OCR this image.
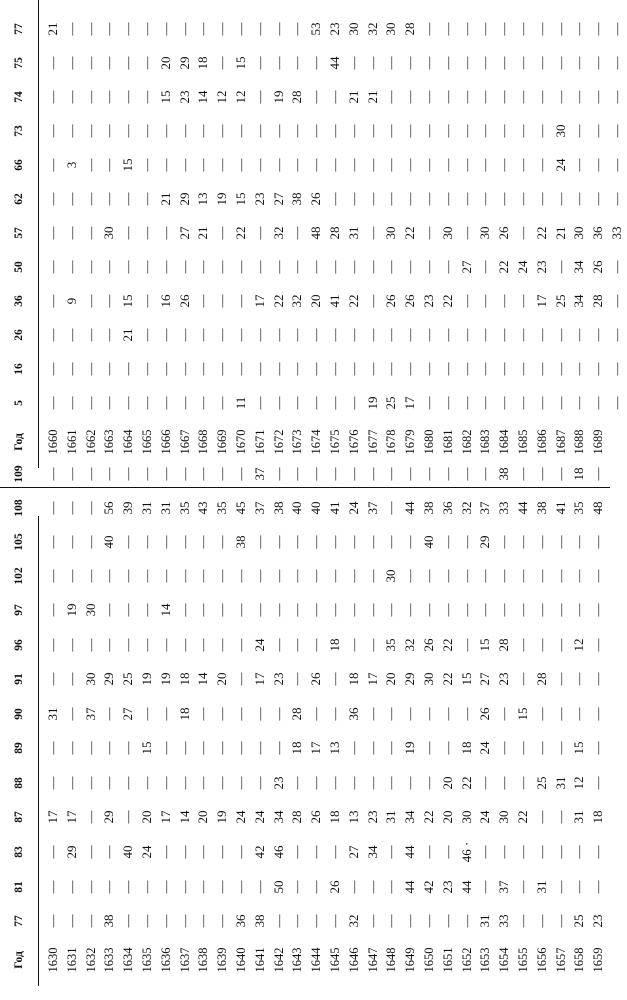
Год
77
81
83
87
88
89
90
91
96
97
102
105
108
109
1630
—
—
—
17
—
—
31
—
—
—
—
—
—
—
1631
—
—
29
17
—
—
—
—
—
19
—
—
—
—
1632
—
—
—
—
—
—
37
30
—
30
—
—
—
—
1633
38
—
—
29
—
—
—
29
—
—
—
40
56
—
1634
—
—
40
—
—
—
27
25
—
—
—
—
39
—
1635
—
—
24
20
—
15
—
19
—
—
—
—
31
—
1636
—
—
—
17
—
—
—
19
—
14
—
—
31
—
1637
—
—
—
14
—
—
18
18
—
—
—
—
35
—
1638
—
—
—
20
—
—
—
14
—
—
—
—
43
—
1639
—
—
—
19
—
—
—
20
—
—
—
—
35
—
1640
36
—
—
24
—
—
—
—
—
—
—
38
45
—
1641
38
—
42
24
—
—
—
17
24
—
—
—
37
37
1642
—
50
46
34
23
—
—
23
—
—
—
—
38
—
1643
—
—
—
28
—
18
28
—
—
—
—
—
40
—
1644
—
—
—
26
—
17
—
26
—
—
—
—
40
—
1645
—
26
—
18
—
13
—
—
18
—
—
—
41
—
1646
32
—
27
13
—
—
36
18
—
—
—
—
24
—
1647
—
—
34
23
—
—
—
17
—
—
—
—
37
—
1648
—
—
—
31
—
—
—
20
35
—
30
—
—
—
1649
—
44
44
34
—
19
—
29
32
—
—
—
44
—
1650
—
42
—
22
—
—
—
30
26
—
—
40
38
—
1651
—
23
—
20
20
—
—
22
22
—
—
—
36
—
1652
—
44
46 ·
30
22
18
—
15
—
—
—
—
32
—
1653
31
—
—
24
—
24
26
27
15
—
—
29
37
—
1654
33
37
—
30
—
—
—
23
28
—
—
—
33
38
1655
—
—
—
22
—
—
15
—
—
—
—
—
44
—
1656
—
31
—
—
25
—
—
28
—
—
—
—
38
—
1657
—
—
—
—
31
—
—
—
—
—
—
—
41
—
1658
25
—
—
31
12
15
—
—
12
—
—
—
35
18
1659
23
—
—
18
—
—
—
—
—
—
—
—
48
—
Год
5
16
26
36
50
57
62
66
73
74
75
77
1660
—
—
—
—
—
—
—
—
—
—
—
21
1661
—
—
—
9
—
—
—
3
—
—
—
—
1662
—
—
—
—
—
—
—
—
—
—
—
—
1663
—
—
—
—
—
30
—
—
—
—
—
—
1664
—
—
21
15
—
—
—
15
—
—
—
—
1665
—
—
—
—
—
—
—
—
—
—
—
—
1666
—
—
—
16
—
—
21
—
—
15
20
—
1667
—
—
—
26
—
27
29
—
—
23
29
—
1668
—
—
—
—
—
21
13
—
—
14
18
—
1669
—
—
—
—
—
—
19
—
—
12
—
—
1670
11
—
—
—
—
22
15
—
—
12
15
—
1671
—
—
—
17
—
—
23
—
—
—
—
—
1672
—
—
—
22
—
32
27
—
—
19
—
—
1673
—
—
—
32
—
—
38
—
—
28
—
—
1674
—
—
—
20
—
48
26
—
—
—
—
53
1675
—
—
—
41
—
28
—
—
—
—
44
23
1676
—
—
—
22
—
31
—
—
—
21
—
30
1677
19
—
—
—
—
—
—
—
—
21
—
32
1678
25
—
—
26
—
30
—
—
—
—
—
30
1679
17
—
—
26
—
22
—
—
—
—
—
28
1680
—
—
—
23
—
—
—
—
—
—
—
—
1681
—
—
—
22
—
30
—
—
—
—
—
—
1682
—
—
—
—
27
—
—
—
—
—
—
—
1683
—
—
—
—
—
30
—
—
—
—
—
—
1684
—
—
—
—
22
26
—
—
—
—
—
—
1685
—
—
—
—
24
—
—
—
—
—
—
—
1686
—
—
—
17
23
22
—
—
—
—
—
—
1687
—
—
—
25
—
21
—
24
30
—
—
—
1688
—
—
—
34
34
30
—
—
—
—
—
—
1689
—
—
—
28
26
36
—
—
—
—
—
—
—
—
—
—
—
33
—
—
—
—
—
—
